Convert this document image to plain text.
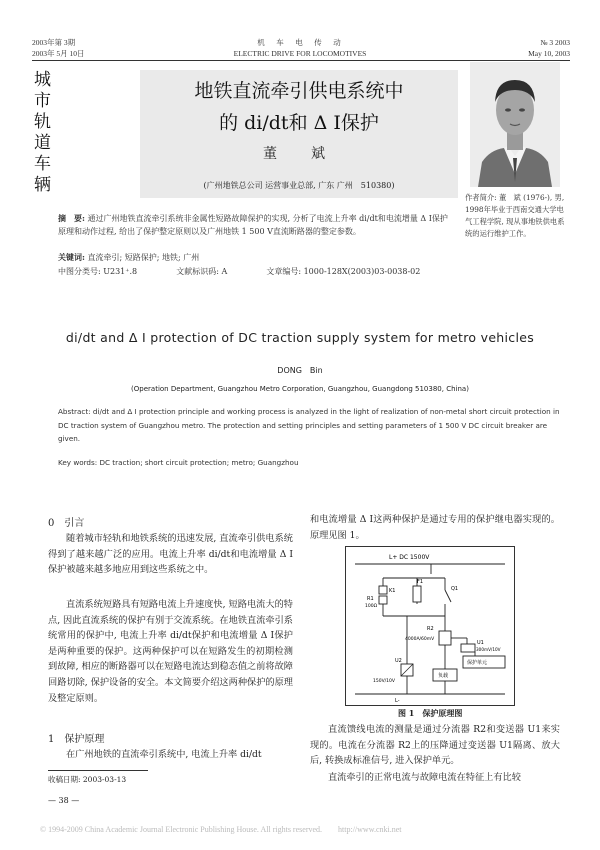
2003年第 3期
2003年 5月 10日
机　车　电　传　动
ELECTRIC DRIVE FOR LOCOMOTIVES
№ 3 2003
May 10, 2003
城
市
轨
道
车
辆
地铁直流牵引供电系统中
的 di/dt和 Δ I保护
董　斌
(广州地铁总公司 运营事业总部, 广东 广州　510380)
作者简介: 董　斌 (1976-), 男, 1998年毕业于西南交通大学电气工程学院, 现从事地铁供电系统的运行维护工作。
摘　要: 通过广州地铁直流牵引系统非金属性短路故障保护的实现, 分析了电流上升率 di/dt和电流增量 Δ I保护原理和动作过程, 给出了保护整定原则以及广州地铁 1 500 V直流断路器的整定参数。
关键词: 直流牵引; 短路保护; 地铁; 广州
中图分类号: U231⁺.8	文献标识码: A	文章编号: 1000-128X(2003)03-0038-02
di/dt and Δ I protection of DC traction supply system for metro vehicles
DONG　Bin
(Operation Department, Guangzhou Metro Corporation, Guangzhou, Guangdong 510380, China)
Abstract: di/dt and Δ I protection principle and working process is analyzed in the light of realization of non-metal short circuit protection in DC traction system of Guangzhou metro. The protection and setting principles and setting parameters of 1 500 V DC circuit breaker are given.
Key words: DC traction; short circuit protection; metro; Guangzhou
0　引言
随着城市轻轨和地铁系统的迅速发展, 直流牵引供电系统得到了越来越广泛的应用。电流上升率 di/dt和电流增量 Δ I保护被越来越多地应用到这些系统之中。
直流系统短路具有短路电流上升速度快, 短路电流大的特点, 因此直流系统的保护有别于交流系统。在地铁直流牵引系统常用的保护中, 电流上升率 di/dt保护和电流增量 Δ I保护是两种重要的保护。这两种保护可以在短路发生的初期检测到故障, 相应的断路器可以在短路电流达到稳态值之前将故障回路切除, 保护设备的安全。本文简要介绍这两种保护的原理及整定原则。
1　保护原理
在广州地铁的直流牵引系统中, 电流上升率 di/dt
收稿日期: 2003-03-13
— 38 —
和电流增量 Δ I这两种保护是通过专用的保护继电器实现的。原理见图 1。
L+ DC 1500V
F1
Q1
K1
R1
100Ω
R2
4000A/60mV
U1
300mV/10V
保护单元
U2
150V/10V
负载
L-
图 1　保护原理图
直流馈线电流的测量是通过分流器 R2和变送器 U1来实现的。电流在分流器 R2上的压降通过变送器 U1隔离、放大后, 转换成标准信号, 进入保护单元。
直流牵引的正常电流与故障电流在特征上有比较
© 1994-2009 China Academic Journal Electronic Publishing House. All rights reserved.　　http://www.cnki.net
